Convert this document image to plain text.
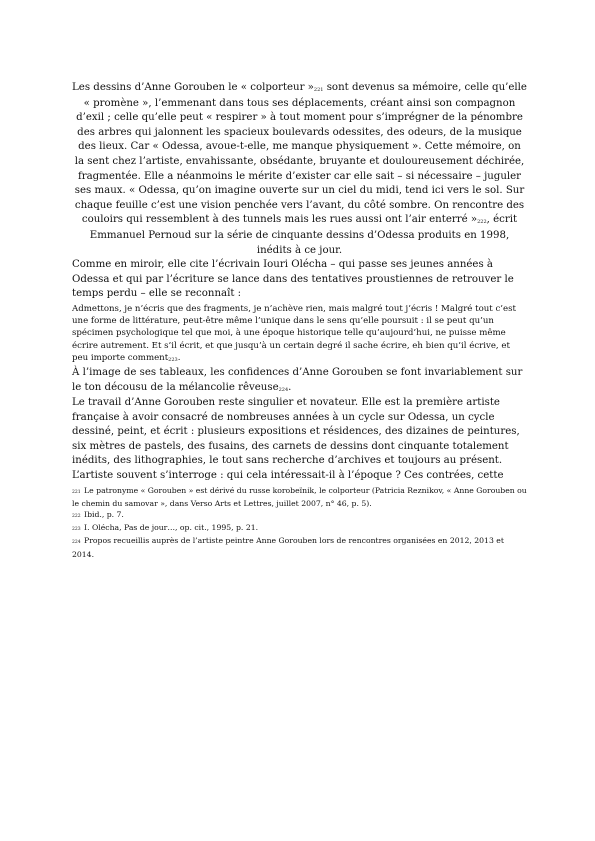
Les dessins d’Anne Gorouben le « colporteur »221 sont devenus sa mémoire, celle qu’elle « promène », l’emmenant dans tous ses déplacements, créant ainsi son compagnon d’exil ; celle qu’elle peut « respirer » à tout moment pour s’imprégner de la pénombre des arbres qui jalonnent les spacieux boulevards odessites, des odeurs, de la musique des lieux. Car « Odessa, avoue-t-elle, me manque physiquement ». Cette mémoire, on la sent chez l’artiste, envahissante, obsédante, bruyante et douloureusement déchirée, fragmentée. Elle a néanmoins le mérite d’exister car elle sait – si nécessaire – juguler ses maux. « Odessa, qu’on imagine ouverte sur un ciel du midi, tend ici vers le sol. Sur chaque feuille c’est une vision penchée vers l’avant, du côté sombre. On rencontre des couloirs qui ressemblent à des tunnels mais les rues aussi ont l’air enterré »222, écrit Emmanuel Pernoud sur la série de cinquante dessins d’Odessa produits en 1998, inédits à ce jour.

Comme en miroir, elle cite l’écrivain Iouri Olécha – qui passe ses jeunes années à Odessa et qui par l’écriture se lance dans des tentatives proustiennes de retrouver le temps perdu – elle se reconnaît :

Admettons, je n’écris que des fragments, je n’achève rien, mais malgré tout j’écris ! Malgré tout c’est une forme de littérature, peut-être même l’unique dans le sens qu’elle poursuit : il se peut qu’un spécimen psychologique tel que moi, à une époque historique telle qu’aujourd’hui, ne puisse même écrire autrement. Et s’il écrit, et que jusqu’à un certain degré il sache écrire, eh bien qu’il écrive, et peu importe comment223.

À l’image de ses tableaux, les confidences d’Anne Gorouben se font invariablement sur le ton décousu de la mélancolie rêveuse224.

Le travail d’Anne Gorouben reste singulier et novateur. Elle est la première artiste française à avoir consacré de nombreuses années à un cycle sur Odessa, un cycle dessiné, peint, et écrit : plusieurs expositions et résidences, des dizaines de peintures, six mètres de pastels, des fusains, des carnets de dessins dont cinquante totalement inédits, des lithographies, le tout sans recherche d’archives et toujours au présent. L’artiste souvent s’interroge : qui cela intéressait-il à l’époque ? Ces contrées, cette

221 Le patronyme « Gorouben » est dérivé du russe korobeïnik, le colporteur (Patricia Reznikov, « Anne Gorouben ou le chemin du samovar », dans Verso Arts et Lettres, juillet 2007, n° 46, p. 5).

222 Ibid., p. 7.

223 I. Olécha, Pas de jour…, op. cit., 1995, p. 21.

224 Propos recueillis auprès de l’artiste peintre Anne Gorouben lors de rencontres organisées en 2012, 2013 et 2014.
